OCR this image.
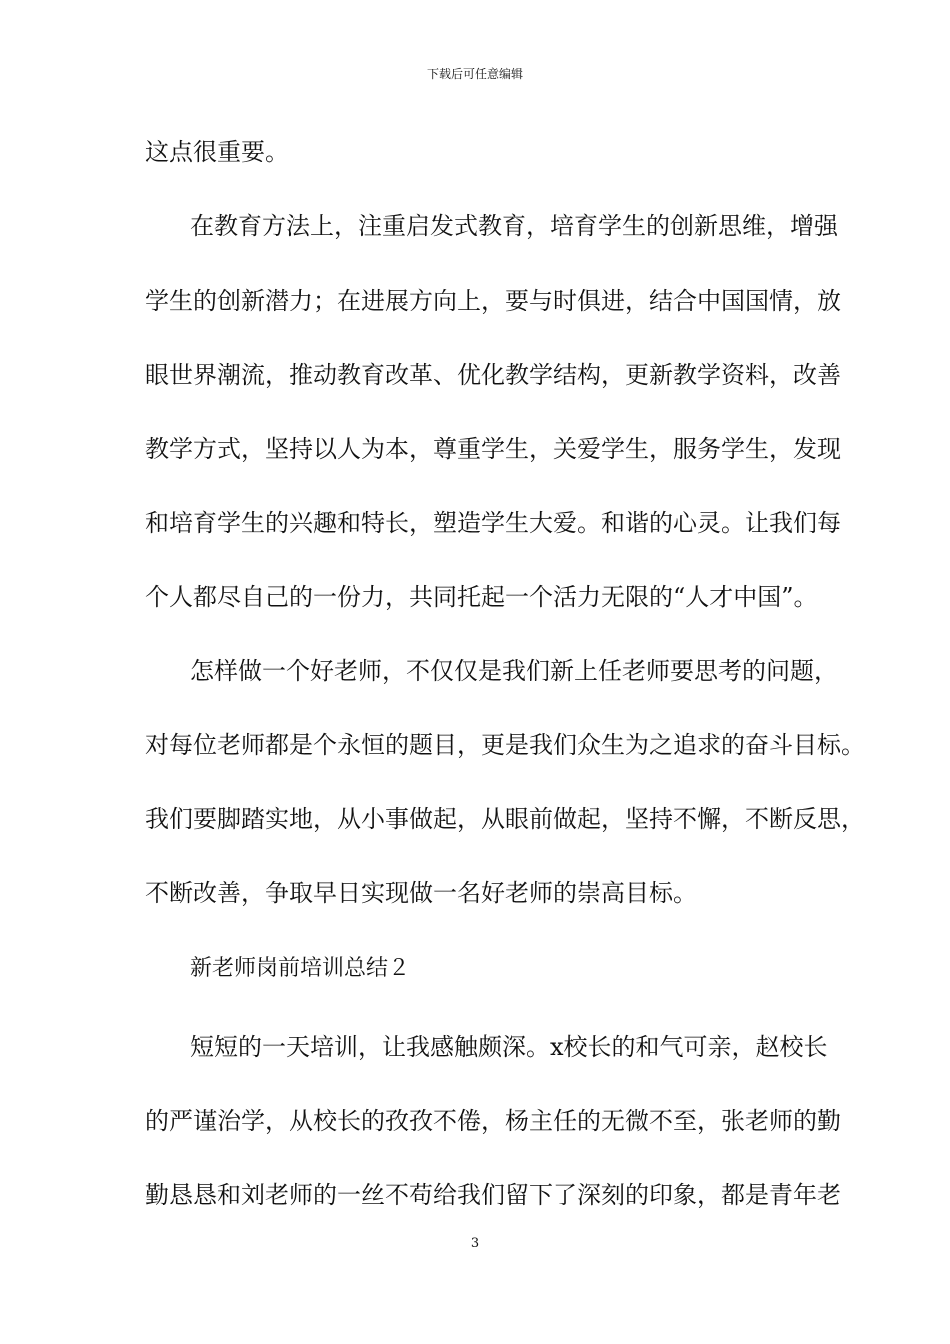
下载后可任意编辑
这点很重要。
在教育方法上，注重启发式教育，培育学生的创新思维，增强
学生的创新潜力；在进展方向上，要与时俱进，结合中国国情，放
眼世界潮流，推动教育改革、优化教学结构，更新教学资料，改善
教学方式，坚持以人为本，尊重学生，关爱学生，服务学生，发现
和培育学生的兴趣和特长，塑造学生大爱。和谐的心灵。让我们每
个人都尽自己的一份力，共同托起一个活力无限的“人才中国”。
怎样做一个好老师，不仅仅是我们新上任老师要思考的问题，
对每位老师都是个永恒的题目，更是我们众生为之追求的奋斗目标。
我们要脚踏实地，从小事做起，从眼前做起，坚持不懈，不断反思，
不断改善，争取早日实现做一名好老师的崇高目标。
新老师岗前培训总结２
短短的一天培训，让我感触颇深。x校长的和气可亲，赵校长
的严谨治学，从校长的孜孜不倦，杨主任的无微不至，张老师的勤
勤恳恳和刘老师的一丝不苟给我们留下了深刻的印象，都是青年老
3
